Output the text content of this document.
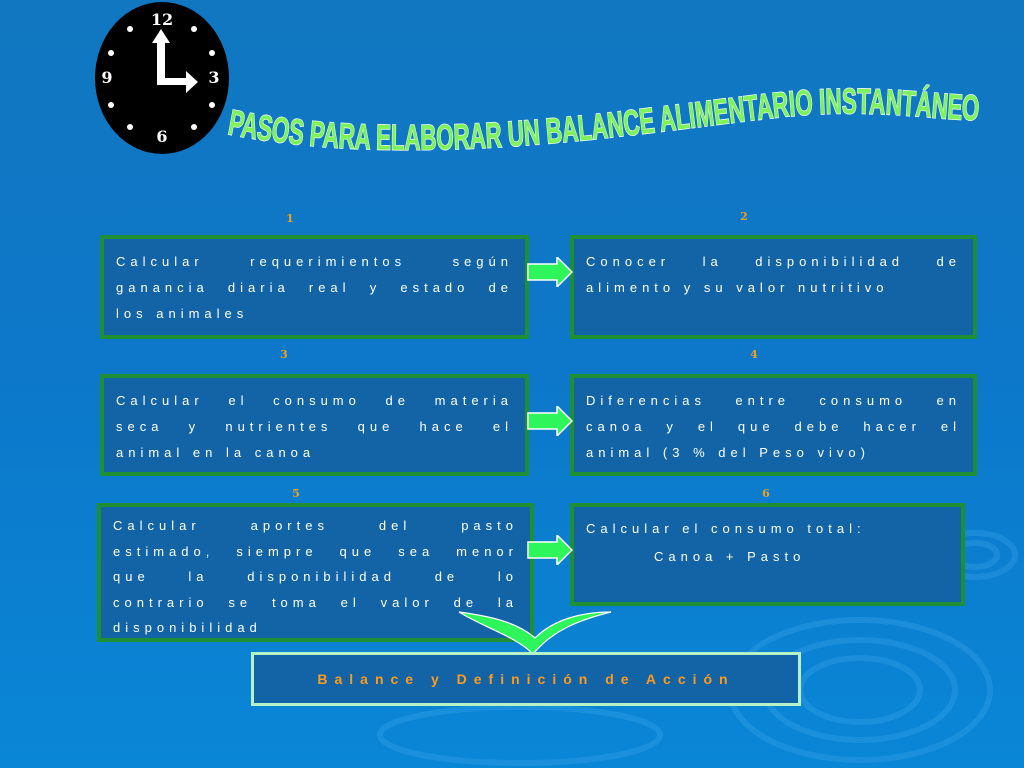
12
3
6
9
PASOS PARA ELABORAR UN BALANCE ALIMENTARIO INSTANTÁNEO
1	2
3	4
5	6
Calcular requerimientos según
ganancia diaria real y estado de
los animales
Conocer la disponibilidad de
alimento y su valor nutritivo
Calcular el consumo de materia
seca y nutrientes que hace el
animal en la canoa
Diferencias entre consumo en
canoa y el que debe hacer el
animal (3 % del Peso vivo)
Calcular aportes del pasto
estimado, siempre que sea menor
que la disponibilidad de lo
contrario se toma el valor de la
disponibilidad
Calcular el consumo total:
Canoa + Pasto
Balance y Definición de Acción
